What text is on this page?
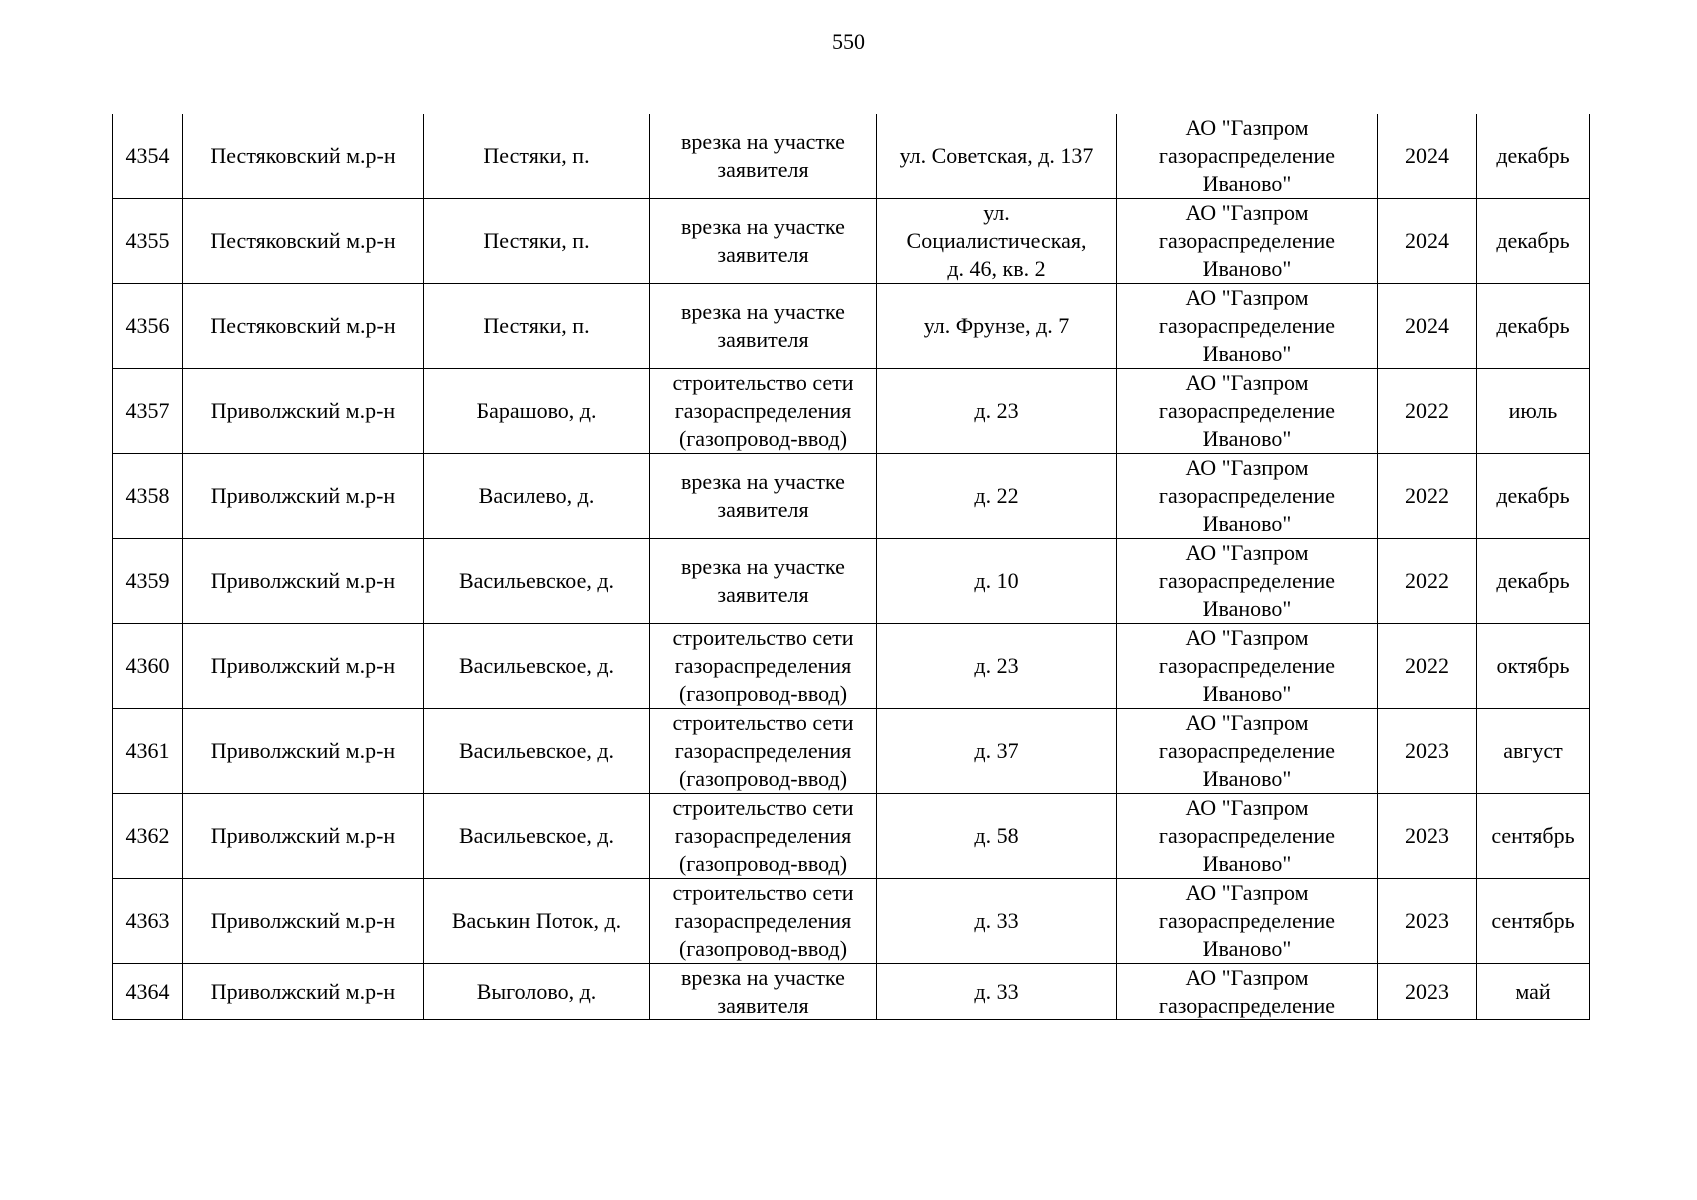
550
4354	Пестяковский м.р-н	Пестяки, п.	врезка на участке
заявителя	ул. Советская, д. 137	АО "Газпром
газораспределение
Иваново"	2024	декабрь
4355	Пестяковский м.р-н	Пестяки, п.	врезка на участке
заявителя	ул.
Социалистическая,
д. 46, кв. 2	АО "Газпром
газораспределение
Иваново"	2024	декабрь
4356	Пестяковский м.р-н	Пестяки, п.	врезка на участке
заявителя	ул. Фрунзе, д. 7	АО "Газпром
газораспределение
Иваново"	2024	декабрь
4357	Приволжский м.р-н	Барашово, д.	строительство сети
газораспределения
(газопровод-ввод)	д. 23	АО "Газпром
газораспределение
Иваново"	2022	июль
4358	Приволжский м.р-н	Василево, д.	врезка на участке
заявителя	д. 22	АО "Газпром
газораспределение
Иваново"	2022	декабрь
4359	Приволжский м.р-н	Васильевское, д.	врезка на участке
заявителя	д. 10	АО "Газпром
газораспределение
Иваново"	2022	декабрь
4360	Приволжский м.р-н	Васильевское, д.	строительство сети
газораспределения
(газопровод-ввод)	д. 23	АО "Газпром
газораспределение
Иваново"	2022	октябрь
4361	Приволжский м.р-н	Васильевское, д.	строительство сети
газораспределения
(газопровод-ввод)	д. 37	АО "Газпром
газораспределение
Иваново"	2023	август
4362	Приволжский м.р-н	Васильевское, д.	строительство сети
газораспределения
(газопровод-ввод)	д. 58	АО "Газпром
газораспределение
Иваново"	2023	сентябрь
4363	Приволжский м.р-н	Васькин Поток, д.	строительство сети
газораспределения
(газопровод-ввод)	д. 33	АО "Газпром
газораспределение
Иваново"	2023	сентябрь

4364	Приволжский м.р-н	Выголово, д.	врезка на участке
заявителя	д. 33	АО "Газпром
газораспределение	2023	май
